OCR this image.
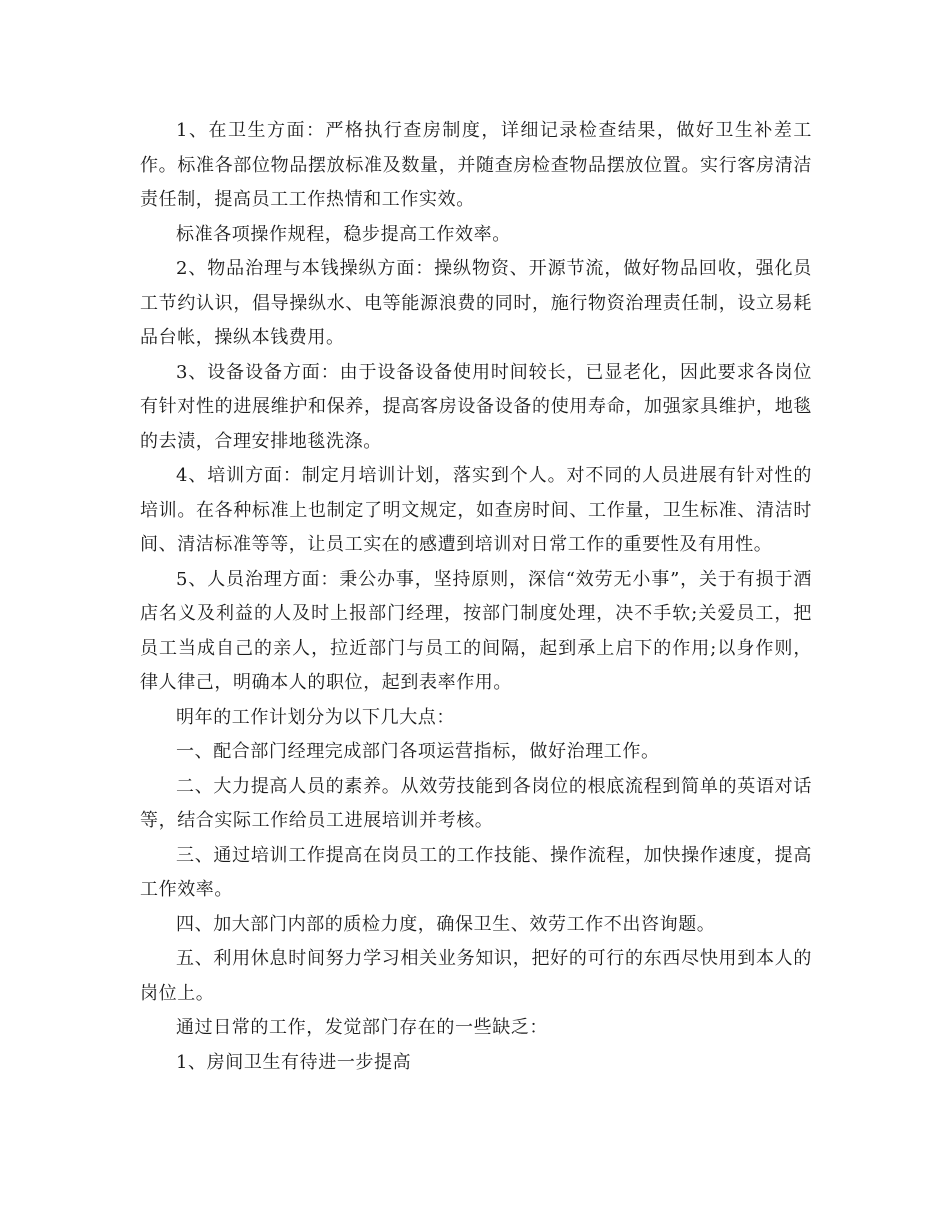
1、在卫生方面：严格执行查房制度，详细记录检查结果，做好卫生补差工作。标准各部位物品摆放标准及数量，并随查房检查物品摆放位置。实行客房清洁责任制，提高员工工作热情和工作实效。

标准各项操作规程，稳步提高工作效率。

2、物品治理与本钱操纵方面：操纵物资、开源节流，做好物品回收，强化员工节约认识，倡导操纵水、电等能源浪费的同时，施行物资治理责任制，设立易耗品台帐，操纵本钱费用。

3、设备设备方面：由于设备设备使用时间较长，已显老化，因此要求各岗位有针对性的进展维护和保养，提高客房设备设备的使用寿命，加强家具维护，地毯的去渍，合理安排地毯洗涤。

4、培训方面：制定月培训计划，落实到个人。对不同的人员进展有针对性的培训。在各种标准上也制定了明文规定，如查房时间、工作量，卫生标准、清洁时间、清洁标准等等，让员工实在的感遭到培训对日常工作的重要性及有用性。

5、人员治理方面：秉公办事，坚持原则，深信“效劳无小事”，关于有损于酒店名义及利益的人及时上报部门经理，按部门制度处理，决不手软;关爱员工，把员工当成自己的亲人，拉近部门与员工的间隔，起到承上启下的作用;以身作则，律人律己，明确本人的职位，起到表率作用。

明年的工作计划分为以下几大点：

一、配合部门经理完成部门各项运营指标，做好治理工作。

二、大力提高人员的素养。从效劳技能到各岗位的根底流程到简单的英语对话等，结合实际工作给员工进展培训并考核。

三、通过培训工作提高在岗员工的工作技能、操作流程，加快操作速度，提高工作效率。

四、加大部门内部的质检力度，确保卫生、效劳工作不出咨询题。

五、利用休息时间努力学习相关业务知识，把好的可行的东西尽快用到本人的岗位上。

通过日常的工作，发觉部门存在的一些缺乏：

1、房间卫生有待进一步提高
